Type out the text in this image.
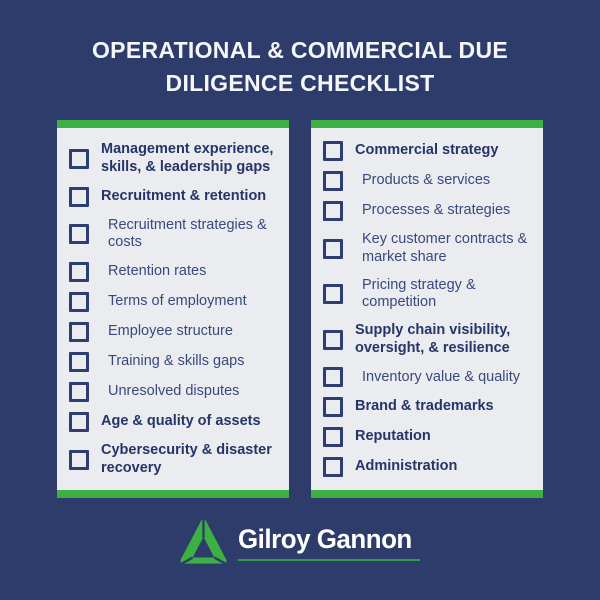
OPERATIONAL & COMMERCIAL DUE DILIGENCE CHECKLIST
Management experience, skills, & leadership gaps
Recruitment & retention
Recruitment strategies & costs
Retention rates
Terms of employment
Employee structure
Training & skills gaps
Unresolved disputes
Age & quality of assets
Cybersecurity & disaster recovery
Commercial strategy
Products & services
Processes & strategies
Key customer contracts & market share
Pricing strategy & competition
Supply chain visibility, oversight, & resilience
Inventory value & quality
Brand & trademarks
Reputation
Administration
Gilroy Gannon
